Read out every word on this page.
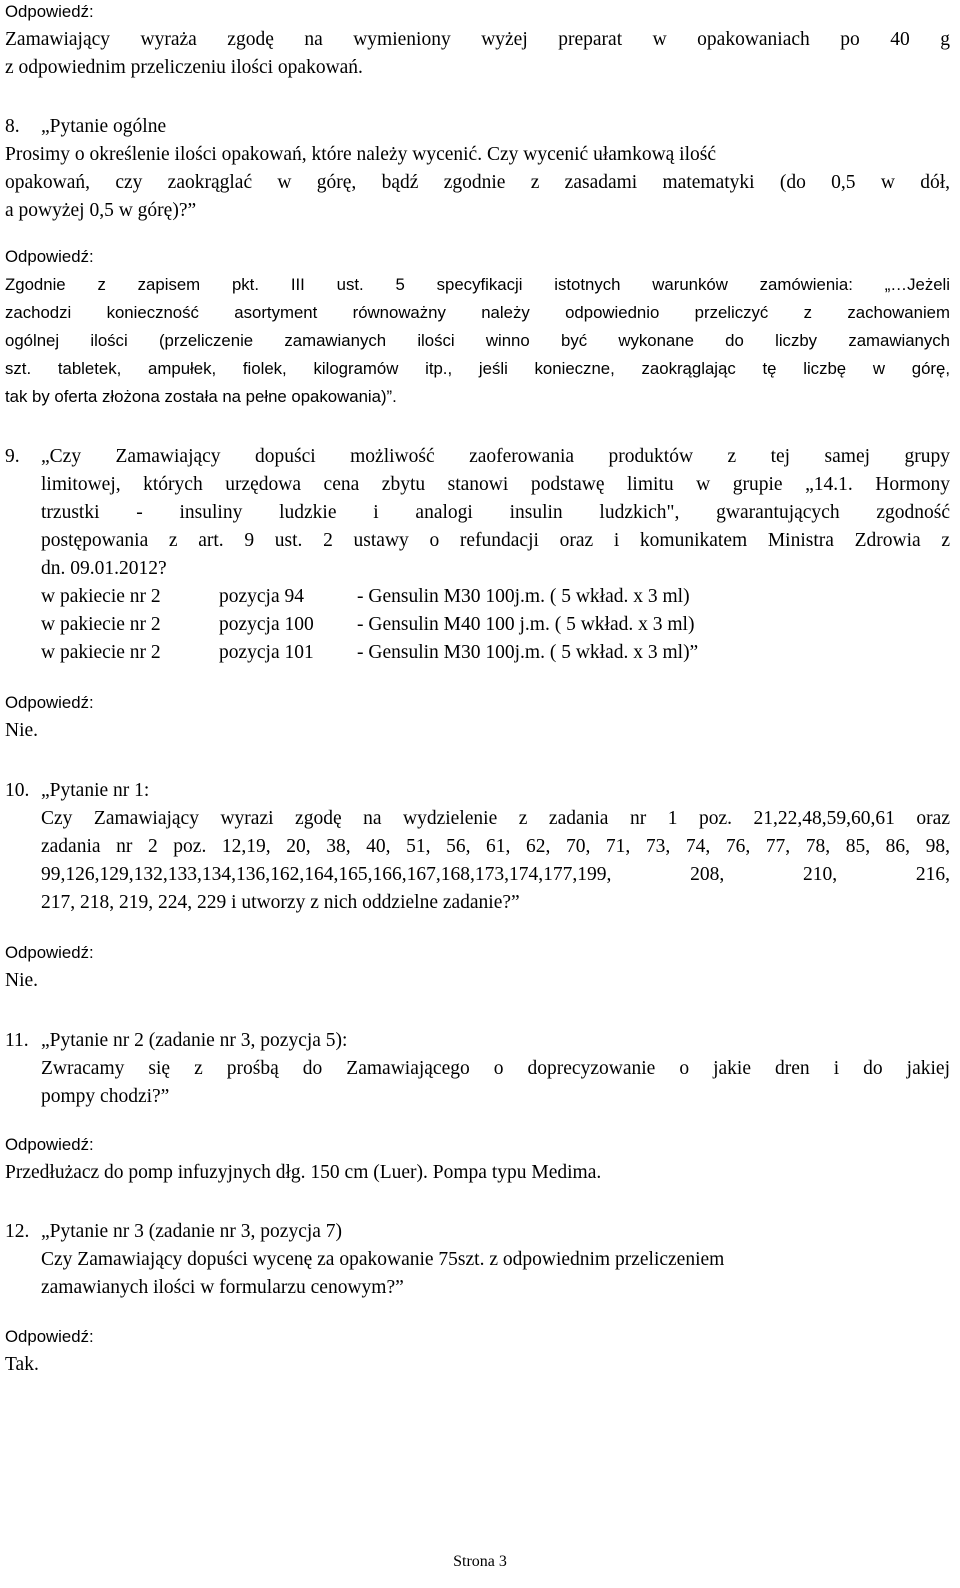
Odpowiedź:

Zamawiający wyraża zgodę na wymieniony wyżej preparat w opakowaniach po 40 g

z odpowiednim przeliczeniu ilości opakowań.

8. „Pytanie ogólne

Prosimy o określenie ilości opakowań, które należy wycenić. Czy wycenić ułamkową ilość

opakowań, czy zaokrąglać w górę, bądź zgodnie z zasadami matematyki (do 0,5 w dół,

a powyżej 0,5 w górę)?”

Odpowiedź:

Zgodnie z zapisem pkt. III ust. 5 specyfikacji istotnych warunków zamówienia: „…Jeżeli

zachodzi konieczność asortyment równoważny należy odpowiednio przeliczyć z zachowaniem

ogólnej ilości (przeliczenie zamawianych ilości winno być wykonane do liczby zamawianych

szt. tabletek, ampułek, fiolek, kilogramów itp., jeśli konieczne, zaokrąglając tę liczbę w górę,

tak by oferta złożona została na pełne opakowania)”.

9. „Czy Zamawiający dopuści możliwość zaoferowania produktów z tej samej grupy

limitowej, których urzędowa cena zbytu stanowi podstawę limitu w grupie „14.1. Hormony

trzustki - insuliny ludzkie i analogi insulin ludzkich", gwarantujących zgodność

postępowania z art. 9 ust. 2 ustawy o refundacji oraz i komunikatem Ministra Zdrowia z

dn. 09.01.2012?

w pakiecie nr 2	pozycja 94	- Gensulin M30 100j.m. ( 5 wkład. x 3 ml)
w pakiecie nr 2	pozycja 100 - Gensulin M40 100 j.m. ( 5 wkład. x 3 ml)
w pakiecie nr 2	pozycja 101 - Gensulin M30 100j.m. ( 5 wkład. x 3 ml)”

Odpowiedź:

Nie.

10. „Pytanie nr 1:

Czy Zamawiający wyrazi zgodę na wydzielenie z zadania nr 1 poz. 21,22,48,59,60,61 oraz

zadania nr 2 poz. 12,19, 20, 38, 40, 51, 56, 61, 62, 70, 71, 73, 74, 76, 77, 78, 85, 86, 98,

99,126,129,132,133,134,136,162,164,165,166,167,168,173,174,177,199, 208, 210, 216,

217, 218, 219, 224, 229 i utworzy z nich oddzielne zadanie?”

Odpowiedź:

Nie.

11. „Pytanie nr 2 (zadanie nr 3, pozycja 5):

Zwracamy się z prośbą do Zamawiającego o doprecyzowanie o jakie dren i do jakiej

pompy chodzi?”

Odpowiedź:

Przedłużacz do pomp infuzyjnych dłg. 150 cm (Luer). Pompa typu Medima.

12. „Pytanie nr 3 (zadanie nr 3, pozycja 7)

Czy Zamawiający dopuści wycenę za opakowanie 75szt. z odpowiednim przeliczeniem

zamawianych ilości w formularzu cenowym?”

Odpowiedź:

Tak.

Strona 3
